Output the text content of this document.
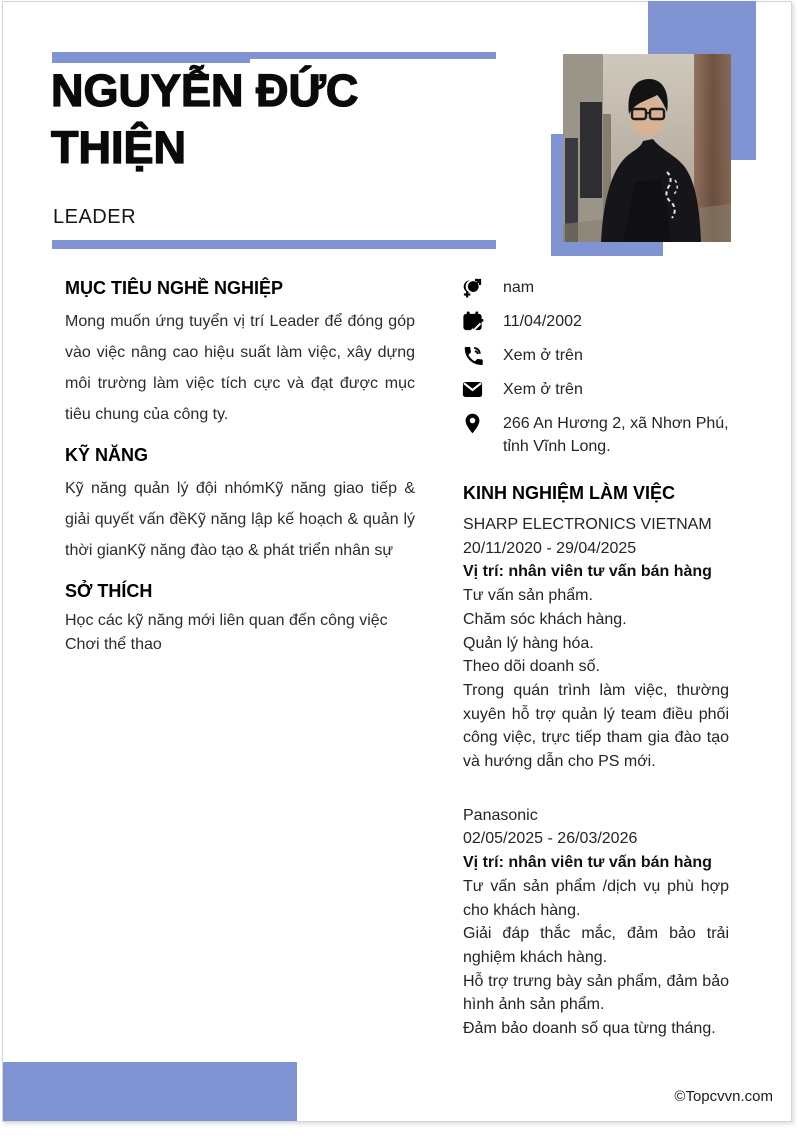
NGUYỄN ĐỨC
THIỆN
LEADER
MỤC TIÊU NGHỀ NGHIỆP

Mong muốn ứng tuyển vị trí Leader để đóng góp vào việc nâng cao hiệu suất làm việc, xây dựng môi trường làm việc tích cực và đạt được mục tiêu chung của công ty.

KỸ NĂNG

Kỹ năng quản lý đội nhómKỹ năng giao tiếp & giải quyết vấn đềKỹ năng lập kế hoạch & quản lý thời gianKỹ năng đào tạo & phát triển nhân sự

SỞ THÍCH

Học các kỹ năng mới liên quan đến công việc

Chơi thể thao

nam
11/04/2002
Xem ở trên
Xem ở trên
266 An Hương 2, xã Nhơn Phú, tỉnh Vĩnh Long.
KINH NGHIỆM LÀM VIỆC

SHARP ELECTRONICS VIETNAM

20/11/2020 - 29/04/2025

Vị trí: nhân viên tư vấn bán hàng

Tư vấn sản phẩm.

Chăm sóc khách hàng.

Quản lý hàng hóa.

Theo dõi doanh số.

Trong quán trình làm việc, thường xuyên hỗ trợ quản lý team điều phối công việc, trực tiếp tham gia đào tạo và hướng dẫn cho PS mới.

Panasonic

02/05/2025 - 26/03/2026

Vị trí: nhân viên tư vấn bán hàng

Tư vấn sản phẩm /dịch vụ phù hợp cho khách hàng.

Giải đáp thắc mắc, đảm bảo trải nghiệm khách hàng.

Hỗ trợ trưng bày sản phẩm, đảm bảo hình ảnh sản phẩm.

Đảm bảo doanh số qua từng tháng.

©Topcvvn.com
